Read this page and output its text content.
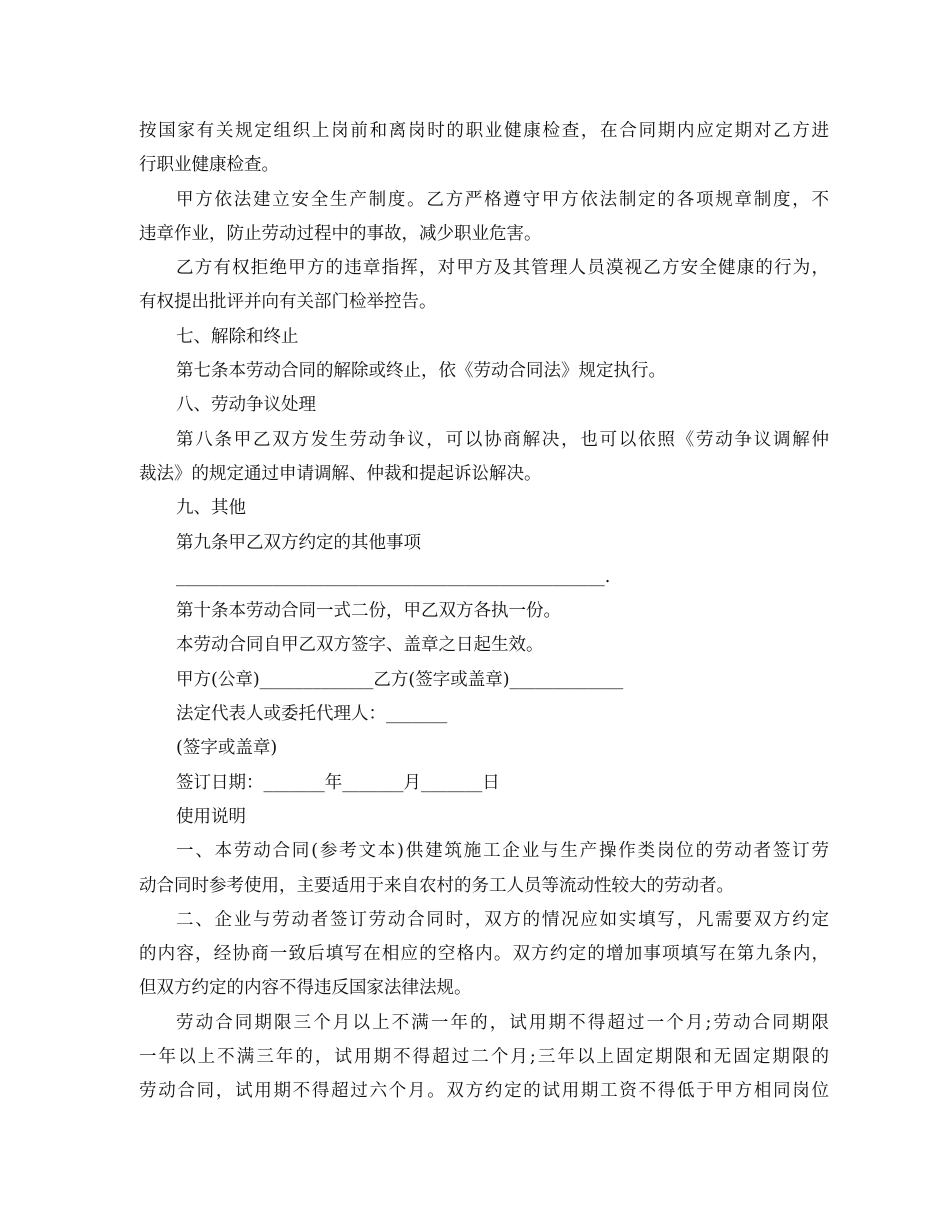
按国家有关规定组织上岗前和离岗时的职业健康检查，在合同期内应定期对乙方进
行职业健康检查。
甲方依法建立安全生产制度。乙方严格遵守甲方依法制定的各项规章制度，不
违章作业，防止劳动过程中的事故，减少职业危害。
乙方有权拒绝甲方的违章指挥，对甲方及其管理人员漠视乙方安全健康的行为，
有权提出批评并向有关部门检举控告。
七、解除和终止
第七条本劳动合同的解除或终止，依《劳动合同法》规定执行。
八、劳动争议处理
第八条甲乙双方发生劳动争议，可以协商解决，也可以依照《劳动争议调解仲
裁法》的规定通过申请调解、仲裁和提起诉讼解决。
九、其他
第九条甲乙双方约定的其他事项
_________________________________________________.
第十条本劳动合同一式二份，甲乙双方各执一份。
本劳动合同自甲乙双方签字、盖章之日起生效。
甲方(公章)_____________乙方(签字或盖章)_____________
法定代表人或委托代理人：_______
(签字或盖章)
签订日期：_______年_______月_______日
使用说明
一、本劳动合同(参考文本)供建筑施工企业与生产操作类岗位的劳动者签订劳
动合同时参考使用，主要适用于来自农村的务工人员等流动性较大的劳动者。
二、企业与劳动者签订劳动合同时，双方的情况应如实填写，凡需要双方约定
的内容，经协商一致后填写在相应的空格内。双方约定的增加事项填写在第九条内，
但双方约定的内容不得违反国家法律法规。
劳动合同期限三个月以上不满一年的，试用期不得超过一个月;劳动合同期限
一年以上不满三年的，试用期不得超过二个月;三年以上固定期限和无固定期限的
劳动合同，试用期不得超过六个月。双方约定的试用期工资不得低于甲方相同岗位
